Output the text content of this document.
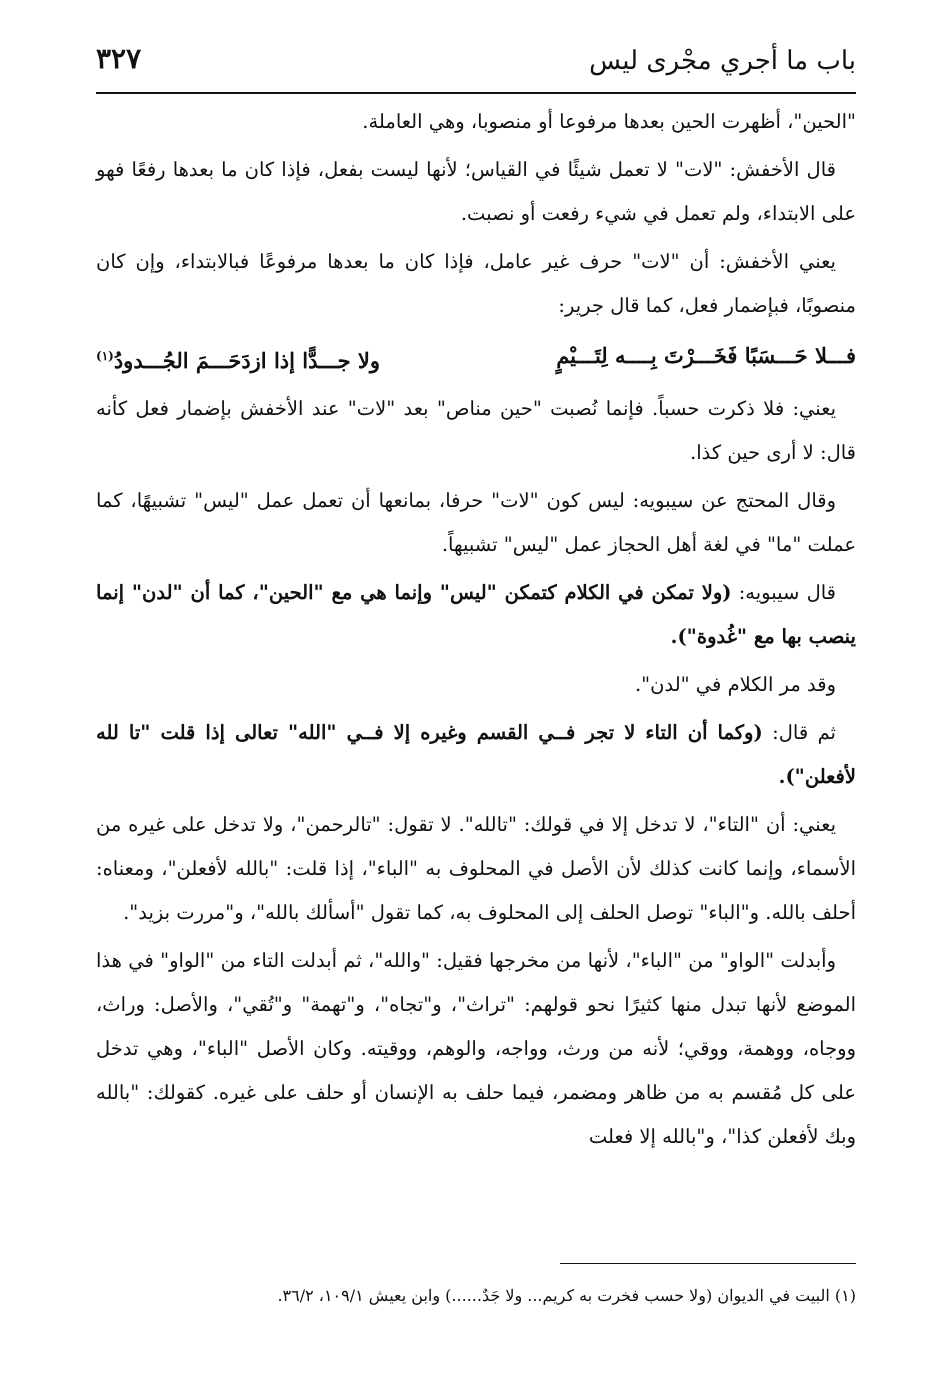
باب ما أجري مجْرى ليس
٣٢٧

"الحين"، أظهرت الحين بعدها مرفوعا أو منصوبا، وهي العاملة.

قال الأخفش: "لات" لا تعمل شيئًا في القياس؛ لأنها ليست بفعل، فإذا كان ما بعدها رفعًا فهو على الابتداء، ولم تعمل في شيء رفعت أو نصبت.

يعني الأخفش: أن "لات" حرف غير عامل، فإذا كان ما بعدها مرفوعًا فبالابتداء، وإن كان منصوبًا، فبإضمار فعل، كما قال جرير:

فـــلا حَـــسَبًا فَخَـــرْتَ بِــــه لِتَـــيْمٍ
ولا جـــدًّا إذا ازدَحَـــمَ الجُـــدودُ$^{(١)}$

يعني: فلا ذكرت حسباً. فإنما نُصبت "حين مناص" بعد "لات" عند الأخفش بإضمار فعل كأنه قال: لا أرى حين كذا.

وقال المحتج عن سيبويه: ليس كون "لات" حرفا، بمانعها أن تعمل عمل "ليس" تشبيهًا، كما عملت "ما" في لغة أهل الحجاز عمل "ليس" تشبيهاً.

قال سيبويه: (ولا تمكن في الكلام كتمكن "ليس" وإنما هي مع "الحين"، كما أن "لدن" إنما ينصب بها مع "غُدوة").

وقد مر الكلام في "لدن".

ثم قال: (وكما أن التاء لا تجر فــي القسم وغيره إلا فــي "الله" تعالى إذا قلت "تا لله لأفعلن").

يعني: أن "التاء"، لا تدخل إلا في قولك: "تالله". لا تقول: "تالرحمن"، ولا تدخل على غيره من الأسماء، وإنما كانت كذلك لأن الأصل في المحلوف به "الباء"، إذا قلت: "بالله لأفعلن"، ومعناه: أحلف بالله. و"الباء" توصل الحلف إلى المحلوف به، كما تقول "أسألك بالله"، و"مررت بزيد".

وأبدلت "الواو" من "الباء"، لأنها من مخرجها فقيل: "والله"، ثم أبدلت التاء من "الواو" في هذا الموضع لأنها تبدل منها كثيرًا نحو قولهم: "تراث"، و"تجاه"، و"تهمة" و"تُقي"، والأصل: وراث، ووجاه، ووهمة، ووقي؛ لأنه من ورث، وواجه، والوهم، ووقيته. وكان الأصل "الباء"، وهي تدخل على كل مُقسم به من ظاهر ومضمر، فيما حلف به الإنسان أو حلف على غيره. كقولك: "بالله وبك لأفعلن كذا"، و"بالله إلا فعلت

(١) البيت في الديوان (ولا حسب فخرت به كريم... ولا جَدٌ......) وابن يعيش ١٠٩/١، ٣٦/٢.
